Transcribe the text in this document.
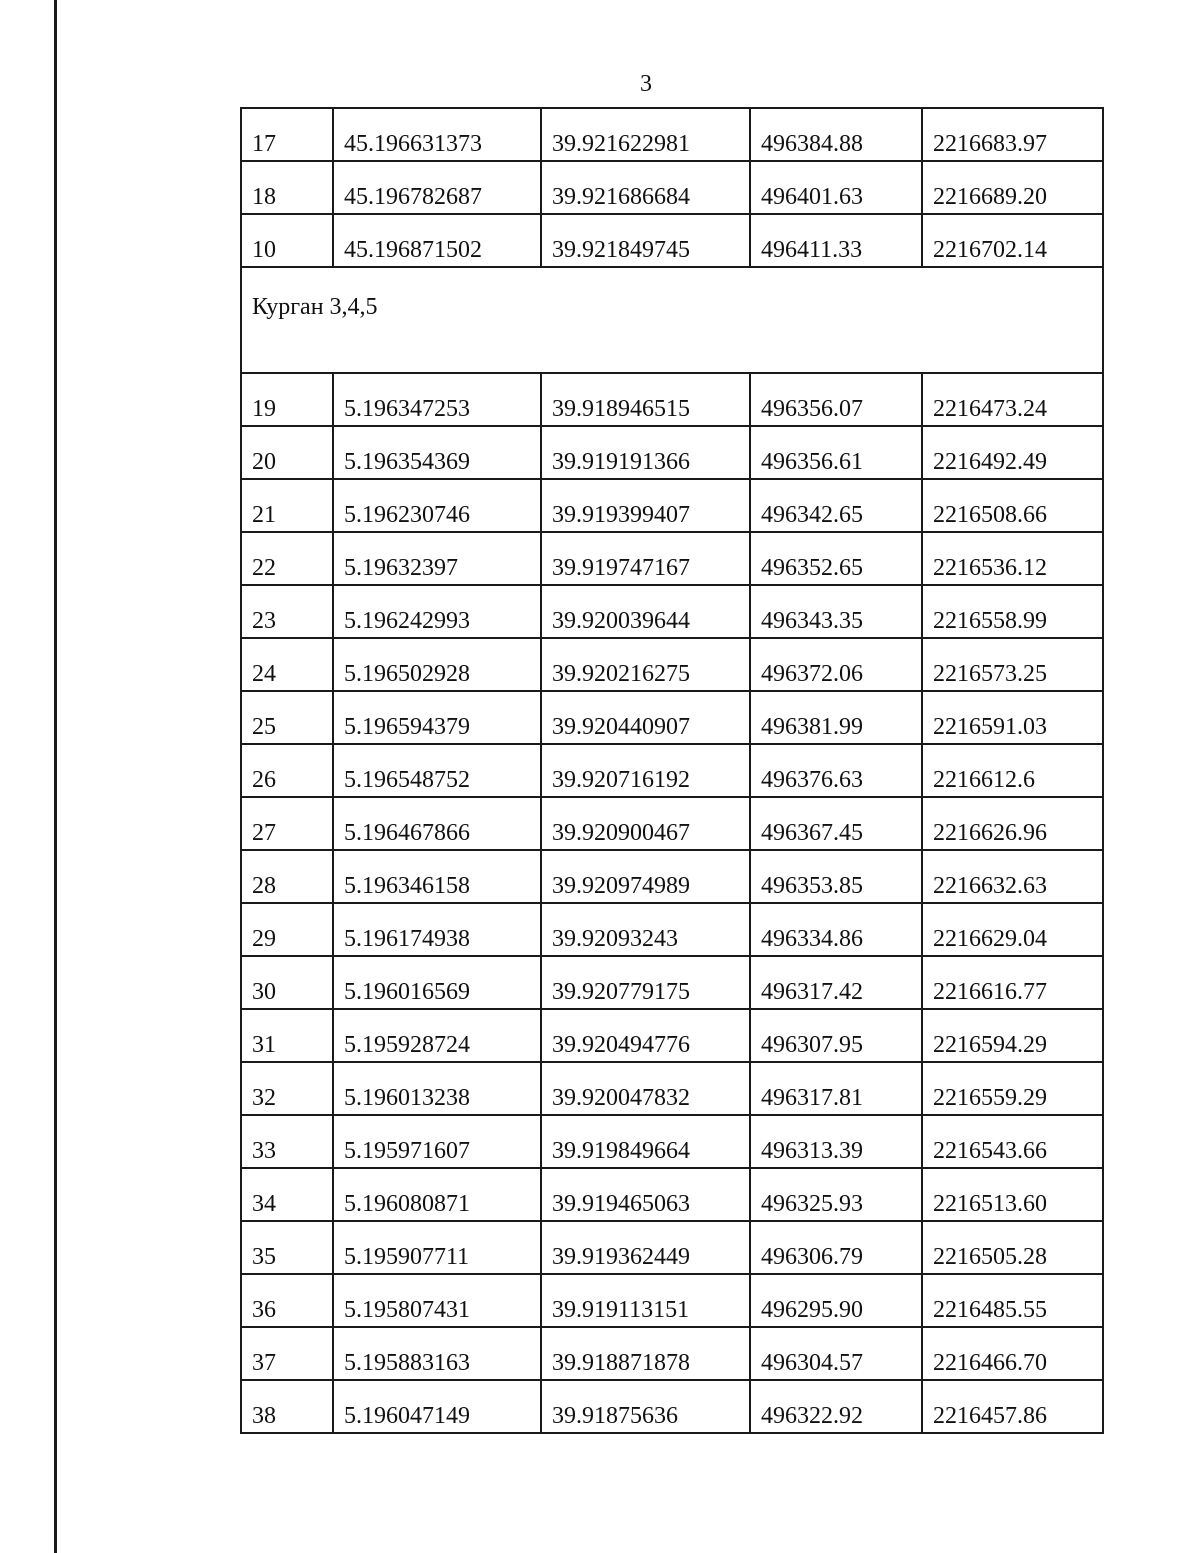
3
17	45.196631373	39.921622981	496384.88	2216683.97
18	45.196782687	39.921686684	496401.63	2216689.20
10	45.196871502	39.921849745	496411.33	2216702.14
Курган 3,4,5				
19	5.196347253	39.918946515	496356.07	2216473.24
20	5.196354369	39.919191366	496356.61	2216492.49
21	5.196230746	39.919399407	496342.65	2216508.66
22	5.19632397	39.919747167	496352.65	2216536.12
23	5.196242993	39.920039644	496343.35	2216558.99
24	5.196502928	39.920216275	496372.06	2216573.25
25	5.196594379	39.920440907	496381.99	2216591.03
26	5.196548752	39.920716192	496376.63	2216612.6
27	5.196467866	39.920900467	496367.45	2216626.96
28	5.196346158	39.920974989	496353.85	2216632.63
29	5.196174938	39.92093243	496334.86	2216629.04
30	5.196016569	39.920779175	496317.42	2216616.77
31	5.195928724	39.920494776	496307.95	2216594.29
32	5.196013238	39.920047832	496317.81	2216559.29
33	5.195971607	39.919849664	496313.39	2216543.66
34	5.196080871	39.919465063	496325.93	2216513.60
35	5.195907711	39.919362449	496306.79	2216505.28
36	5.195807431	39.919113151	496295.90	2216485.55
37	5.195883163	39.918871878	496304.57	2216466.70
38	5.196047149	39.91875636	496322.92	2216457.86
